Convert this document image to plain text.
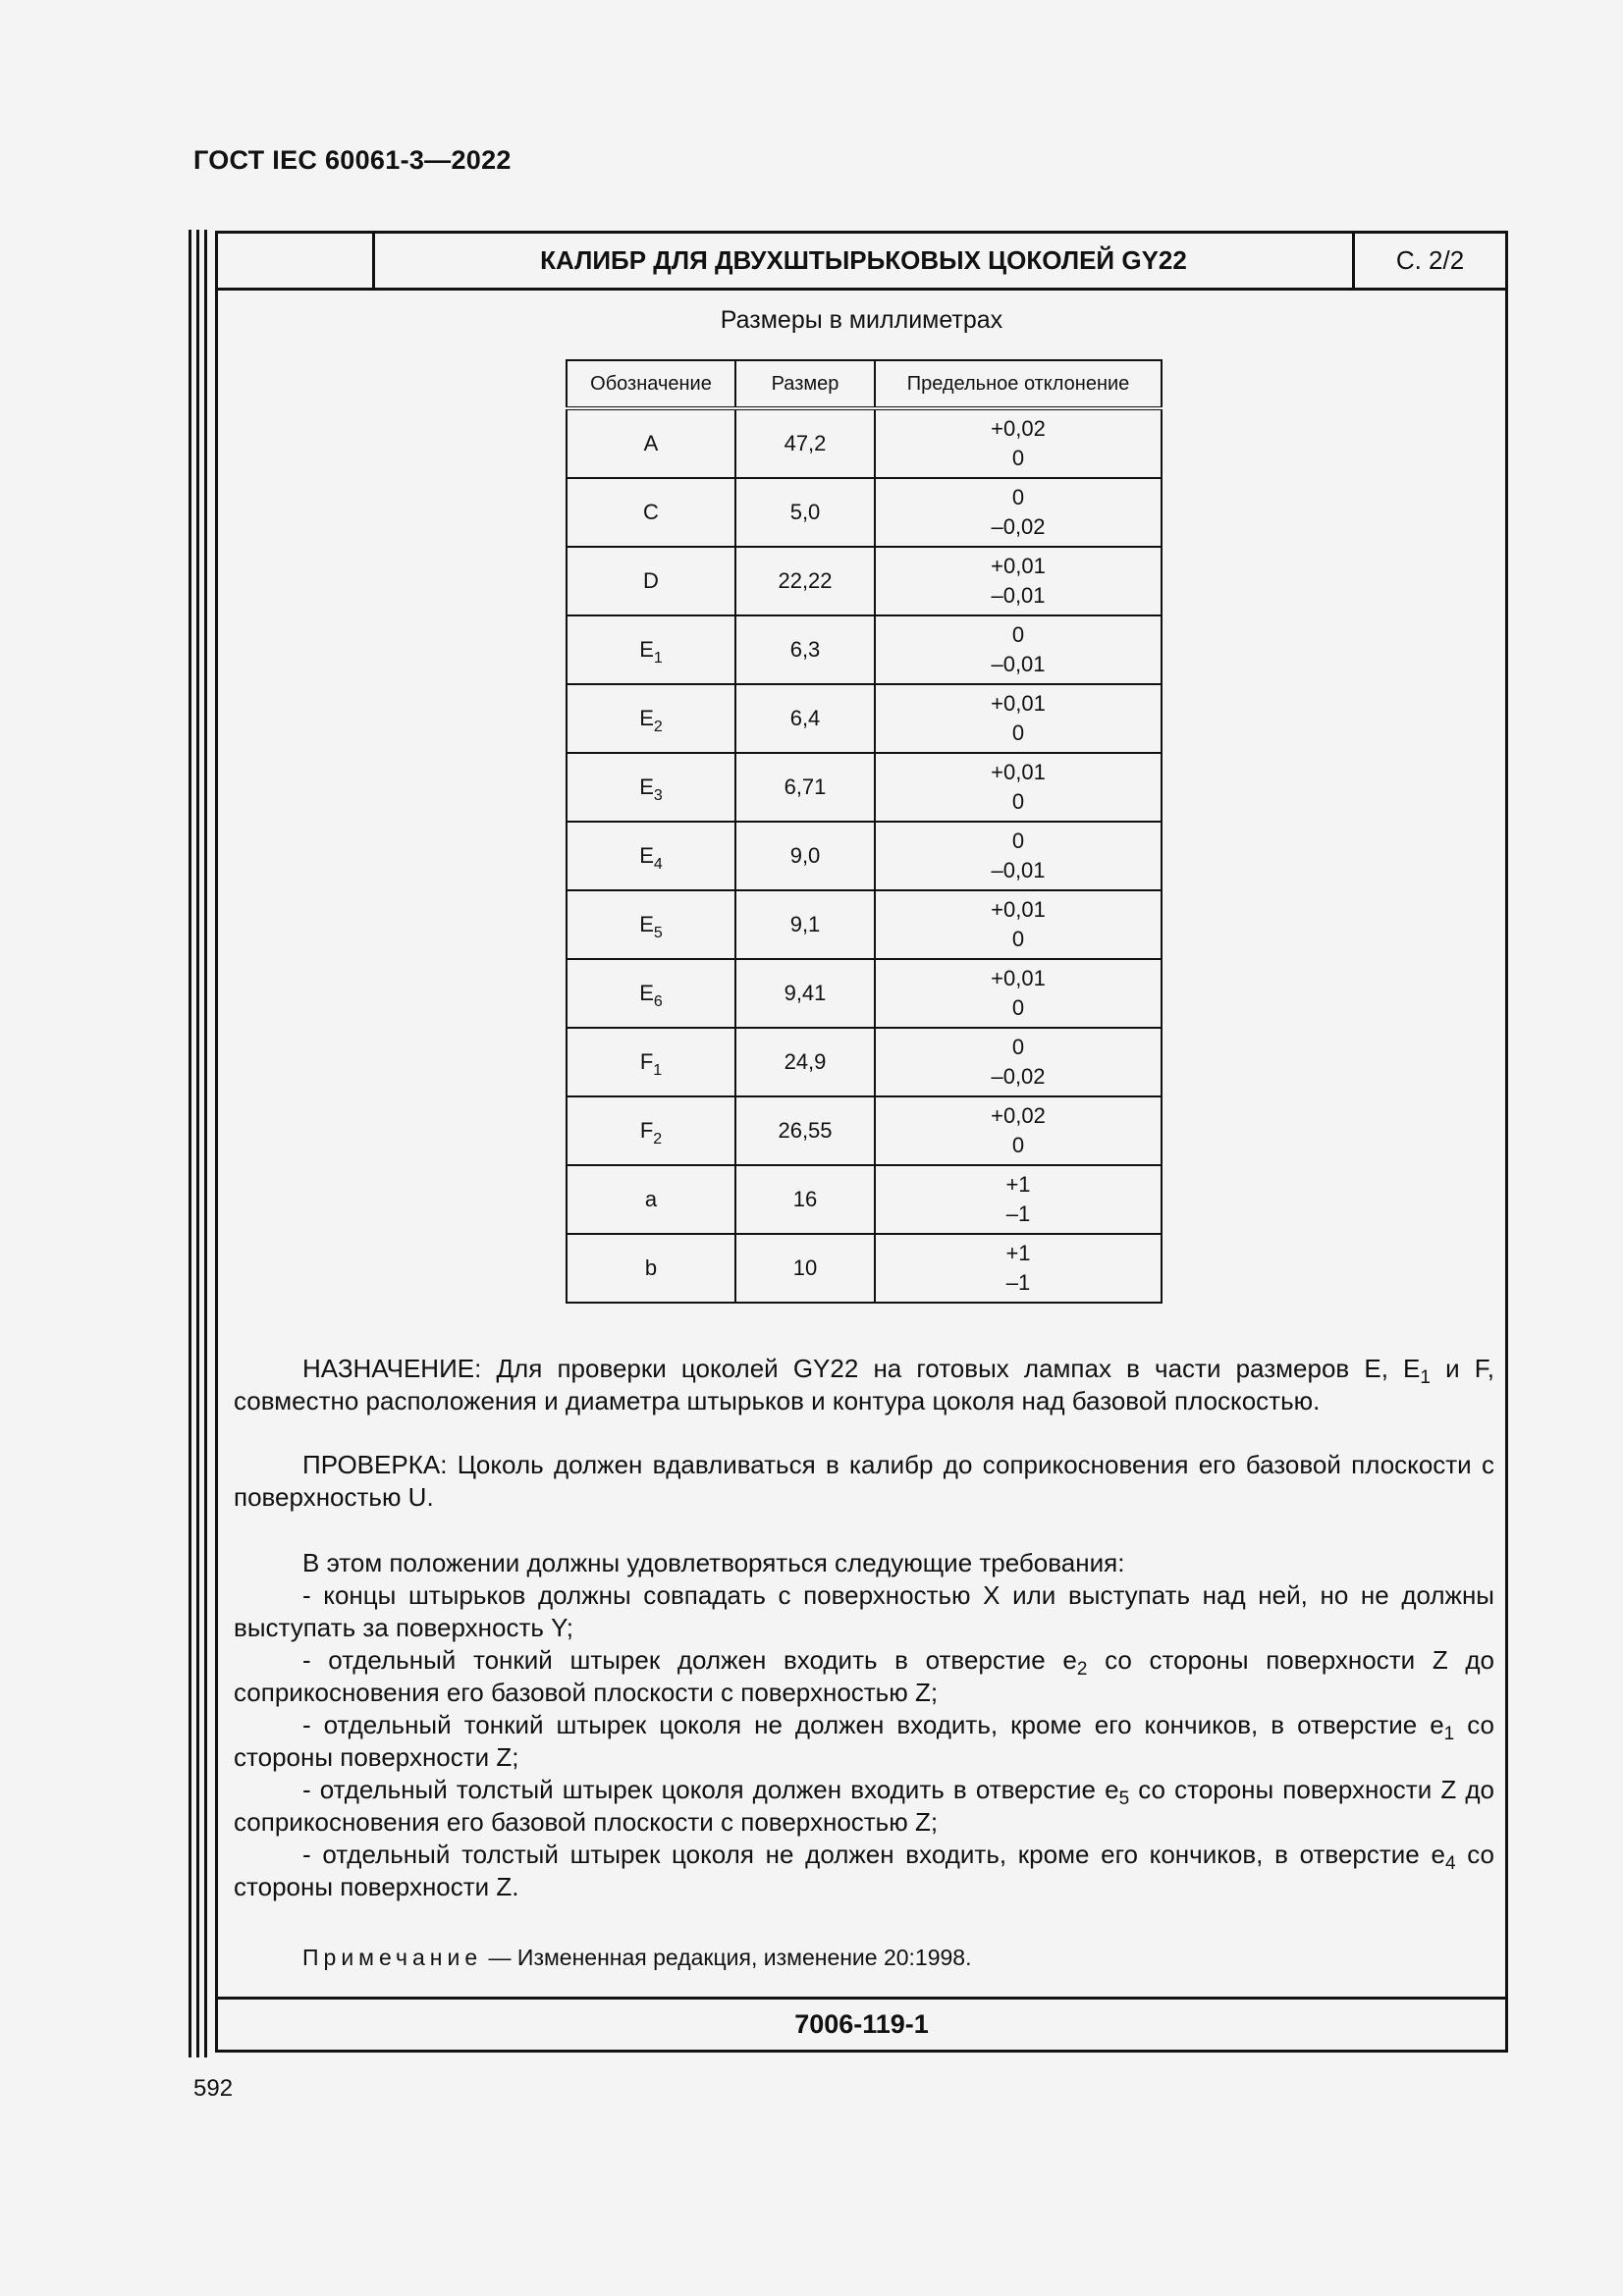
ГОСТ IEC 60061-3—2022
КАЛИБР ДЛЯ ДВУХШТЫРЬКОВЫХ ЦОКОЛЕЙ GY22	С. 2/2
Размеры в миллиметрах
Обозначение	Размер	Предельное отклонение
A	47,2	+0,02
0

C	5,0	0
–0,02

D	22,22	+0,01
–0,01

$E_1$	6,3	0
–0,01

$E_2$	6,4	+0,01
0

$E_3$	6,71	+0,01
0

$E_4$	9,0	0
–0,01

$E_5$	9,1	+0,01
0

$E_6$	9,41	+0,01
0

$F_1$	24,9	0
–0,02

$F_2$	26,55	+0,02
0

a	16	+1
–1

b	10	+1
–1

НАЗНАЧЕНИЕ: Для проверки цоколей GY22 на готовых лампах в части размеров E, $E_1$ и F, совместно расположения и диаметра штырьков и контура цоколя над базовой плоскостью.

ПРОВЕРКА: Цоколь должен вдавливаться в калибр до соприкосновения его базовой плоскости с поверхностью U.

В этом положении должны удовлетворяться следующие требования:

- концы штырьков должны совпадать с поверхностью X или выступать над ней, но не должны выступать за поверхность Y;

- отдельный тонкий штырек должен входить в отверстие $e_2$ со стороны поверхности Z до соприкосновения его базовой плоскости с поверхностью Z;

- отдельный тонкий штырек цоколя не должен входить, кроме его кончиков, в отверстие $e_1$ со стороны поверхности Z;

- отдельный толстый штырек цоколя должен входить в отверстие $e_5$ со стороны поверхности Z до соприкосновения его базовой плоскости с поверхностью Z;

- отдельный толстый штырек цоколя не должен входить, кроме его кончиков, в отверстие $e_4$ со стороны поверхности Z.

Примечание — Измененная редакция, изменение 20:1998.
7006-119-1
592
